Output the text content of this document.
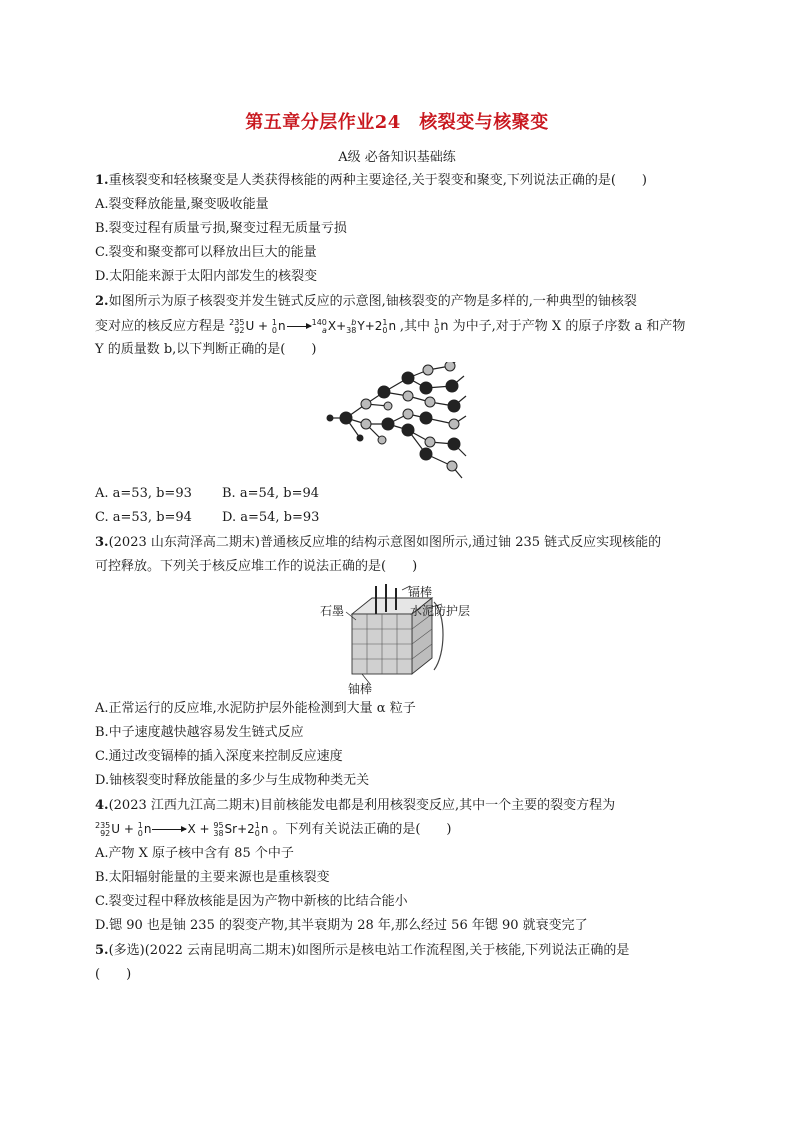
第五章分层作业24　核裂变与核聚变
A级 必备知识基础练
1.重核裂变和轻核聚变是人类获得核能的两种主要途径,关于裂变和聚变,下列说法正确的是(　　)
A.裂变释放能量,聚变吸收能量
B.裂变过程有质量亏损,聚变过程无质量亏损
C.裂变和聚变都可以释放出巨大的能量
D.太阳能来源于太阳内部发生的核裂变
2.如图所示为原子核裂变并发生链式反应的示意图,铀核裂变的产物是多样的,一种典型的铀核裂
变对应的核反应方程是 235
92 U + 1
0 n	140
a X+ b
38 Y+2 1
0 n ,其中 1
0 n 为中子,对于产物 X 的原子序数 a 和产物
Y 的质量数 b,以下判断正确的是(　　)
A. a=53, b=93 B. a=54, b=94
C. a=53, b=94 D. a=54, b=93
3.(2023 山东菏泽高二期末)普通核反应堆的结构示意图如图所示,通过铀 235 链式反应实现核能的
可控释放。下列关于核反应堆工作的说法正确的是(　　)
镉棒
石墨	水泥防护层
铀棒
A.正常运行的反应堆,水泥防护层外能检测到大量 α 粒子
B.中子速度越快越容易发生链式反应
C.通过改变镉棒的插入深度来控制反应速度
D.铀核裂变时释放能量的多少与生成物种类无关
4.(2023 江西九江高二期末)目前核能发电都是利用核裂变反应,其中一个主要的裂变方程为
235
92 U + 1
0 n	X + 95
38 Sr+2 1
0 n 。下列有关说法正确的是(　　)
A.产物 X 原子核中含有 85 个中子
B.太阳辐射能量的主要来源也是重核裂变
C.裂变过程中释放核能是因为产物中新核的比结合能小
D.锶 90 也是铀 235 的裂变产物,其半衰期为 28 年,那么经过 56 年锶 90 就衰变完了
5.(多选)(2022 云南昆明高二期末)如图所示是核电站工作流程图,关于核能,下列说法正确的是
(　　)
